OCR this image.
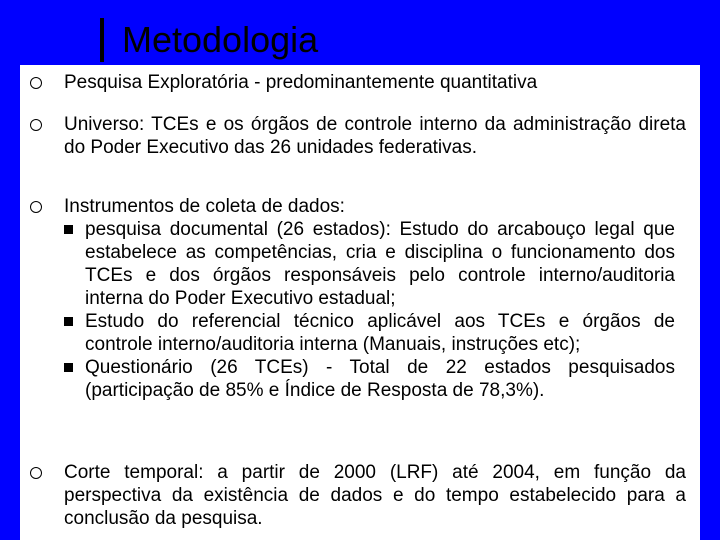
Metodologia
Pesquisa Exploratória - predominantemente quantitativa
Universo: TCEs e os órgãos de controle interno da administração direta do Poder Executivo das 26 unidades federativas.
Instrumentos de coleta de dados:
pesquisa documental (26 estados): Estudo do arcabouço legal que estabelece as competências, cria e disciplina o funcionamento dos TCEs e dos órgãos responsáveis pelo controle interno/auditoria interna do Poder Executivo estadual;
Estudo do referencial técnico aplicável aos TCEs e órgãos de controle interno/auditoria interna (Manuais, instruções etc);
Questionário (26 TCEs) - Total de 22 estados pesquisados (participação de 85% e Índice de Resposta de 78,3%).
Corte temporal: a partir de 2000 (LRF) até 2004, em função da perspectiva da existência de dados e do tempo estabelecido para a conclusão da pesquisa.
